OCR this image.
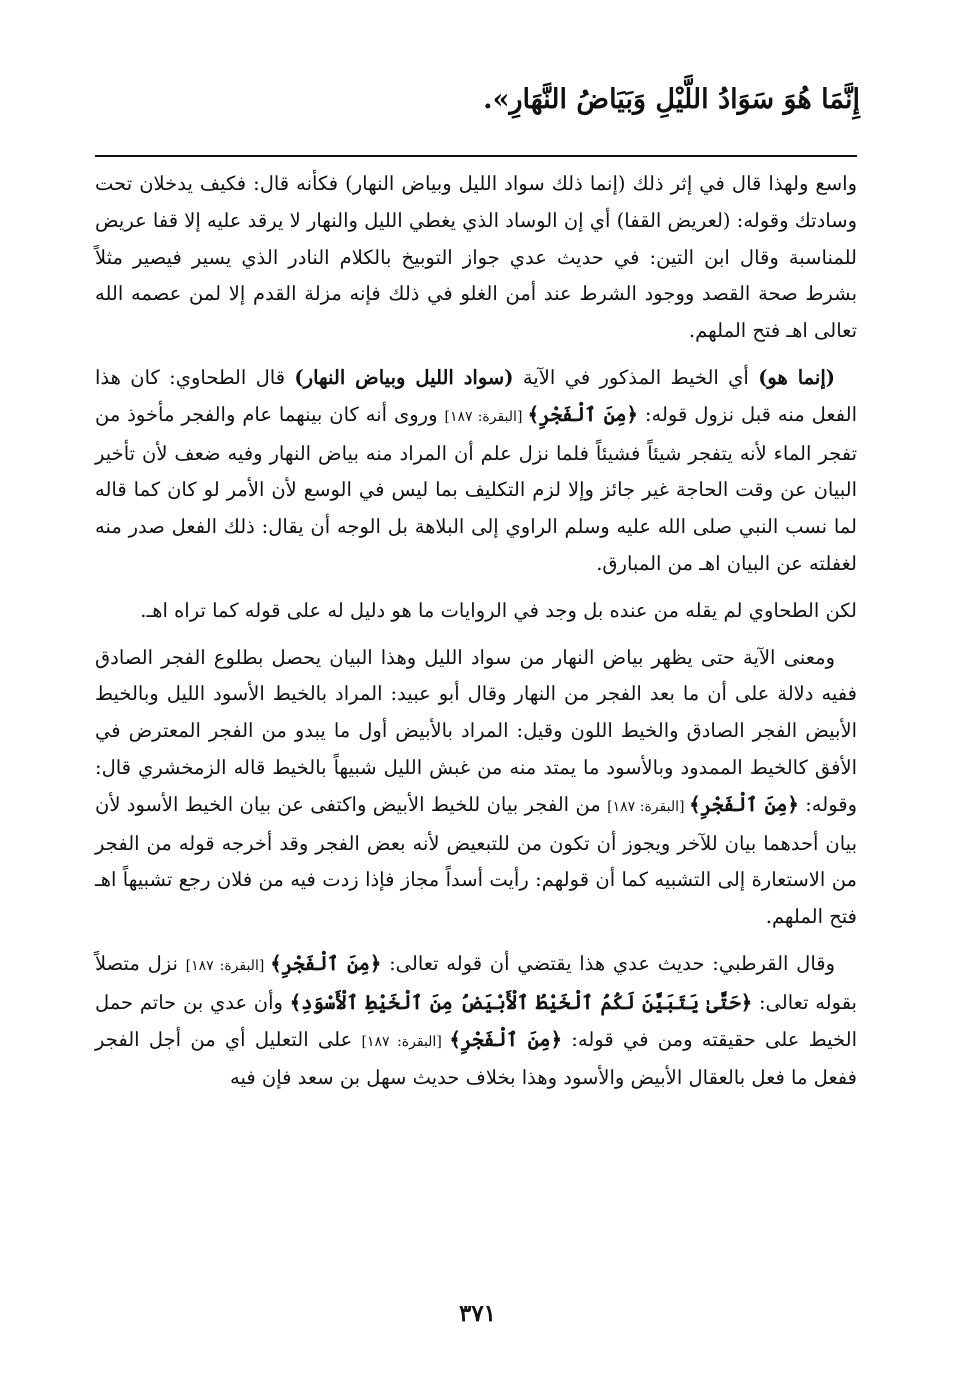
إِنَّمَا هُوَ سَوَادُ اللَّيْلِ وَبَيَاضُ النَّهَارِ».

واسع ولهذا قال في إثر ذلك (إنما ذلك سواد الليل وبياض النهار) فكأنه قال: فكيف يدخلان تحت وسادتك وقوله: (لعريض القفا) أي إن الوساد الذي يغطي الليل والنهار لا يرقد عليه إلا قفا عريض للمناسبة وقال ابن التين: في حديث عدي جواز التوبيخ بالكلام النادر الذي يسير فيصير مثلاً بشرط صحة القصد ووجود الشرط عند أمن الغلو في ذلك فإنه مزلة القدم إلا لمن عصمه الله تعالى اهـ فتح الملهم.

(إنما هو) أي الخيط المذكور في الآية (سواد الليل وبياض النهار) قال الطحاوي: كان هذا الفعل منه قبل نزول قوله: ﴿مِنَ ٱلْفَجْرِ﴾ [البقرة: ١٨٧] وروى أنه كان بينهما عام والفجر مأخوذ من تفجر الماء لأنه يتفجر شيئاً فشيئاً فلما نزل علم أن المراد منه بياض النهار وفيه ضعف لأن تأخير البيان عن وقت الحاجة غير جائز وإلا لزم التكليف بما ليس في الوسع لأن الأمر لو كان كما قاله لما نسب النبي صلى الله عليه وسلم الراوي إلى البلاهة بل الوجه أن يقال: ذلك الفعل صدر منه لغفلته عن البيان اهـ من المبارق.

لكن الطحاوي لم يقله من عنده بل وجد في الروايات ما هو دليل له على قوله كما تراه اهـ.

ومعنى الآية حتى يظهر بياض النهار من سواد الليل وهذا البيان يحصل بطلوع الفجر الصادق ففيه دلالة على أن ما بعد الفجر من النهار وقال أبو عبيد: المراد بالخيط الأسود الليل وبالخيط الأبيض الفجر الصادق والخيط اللون وقيل: المراد بالأبيض أول ما يبدو من الفجر المعترض في الأفق كالخيط الممدود وبالأسود ما يمتد منه من غبش الليل شبيهاً بالخيط قاله الزمخشري قال: وقوله: ﴿مِنَ ٱلْفَجْرِ﴾ [البقرة: ١٨٧] من الفجر بيان للخيط الأبيض واكتفى عن بيان الخيط الأسود لأن بيان أحدهما بيان للآخر ويجوز أن تكون من للتبعيض لأنه بعض الفجر وقد أخرجه قوله من الفجر من الاستعارة إلى التشبيه كما أن قولهم: رأيت أسداً مجاز فإذا زدت فيه من فلان رجع تشبيهاً اهـ فتح الملهم.

وقال القرطبي: حديث عدي هذا يقتضي أن قوله تعالى: ﴿مِنَ ٱلْفَجْرِ﴾ [البقرة: ١٨٧] نزل متصلاً بقوله تعالى: ﴿حَتَّىٰ يَتَبَيَّنَ لَكُمُ ٱلْخَيْطُ ٱلْأَبْيَضُ مِنَ ٱلْخَيْطِ ٱلْأَسْوَدِ﴾ وأن عدي بن حاتم حمل الخيط على حقيقته ومن في قوله: ﴿مِنَ ٱلْفَجْرِ﴾ [البقرة: ١٨٧] على التعليل أي من أجل الفجر ففعل ما فعل بالعقال الأبيض والأسود وهذا بخلاف حديث سهل بن سعد فإن فيه

٣٧١
